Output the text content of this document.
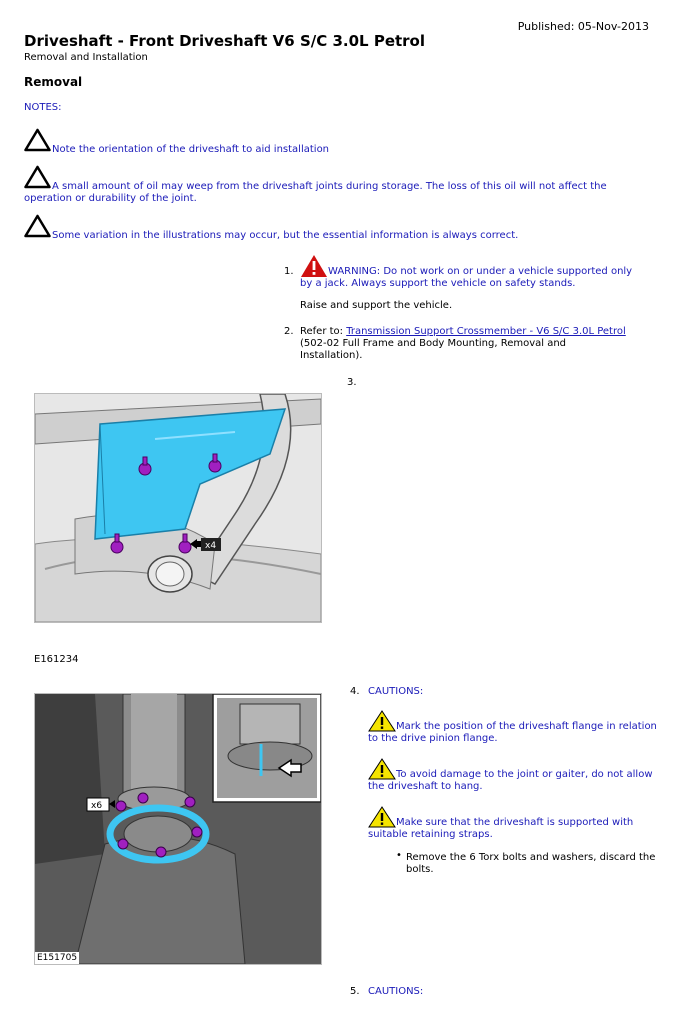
Published: 05-Nov-2013
Driveshaft - Front Driveshaft V6 S/C 3.0L Petrol
Removal and Installation
Removal
NOTES:
Note the orientation of the driveshaft to aid installation
A small amount of oil may weep from the driveshaft joints during storage. The loss of this oil will not affect the operation or durability of the joint.
Some variation in the illustrations may occur, but the essential information is always correct.
1.	WARNING: Do not work on or under a vehicle supported only by a jack. Always support the vehicle on safety stands.
Raise and support the vehicle.
2. Refer to: Transmission Support Crossmember - V6 S/C 3.0L Petrol (502-02 Full Frame and Body Mounting, Removal and Installation).
3.
x4
E161234
4. CAUTIONS:
Mark the position of the driveshaft flange in relation to the drive pinion flange.
To avoid damage to the joint or gaiter, do not allow the driveshaft to hang.
Make sure that the driveshaft is supported with suitable retaining straps.
• Remove the 6 Torx bolts and washers, discard the bolts.
x6
E151705
5. CAUTIONS:
